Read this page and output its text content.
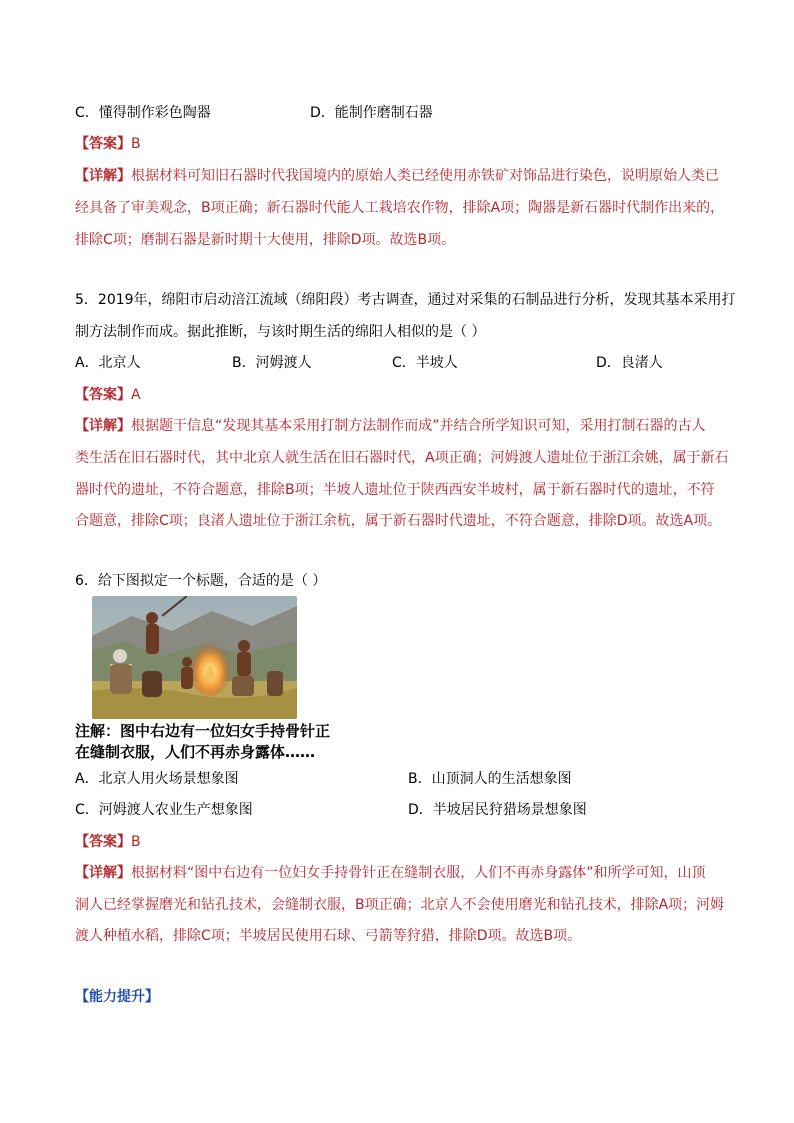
C．懂得制作彩色陶器	D．能制作磨制石器
【答案】B
【详解】根据材料可知旧石器时代我国境内的原始人类已经使用赤铁矿对饰品进行染色，说明原始人类已
经具备了审美观念，B项正确；新石器时代能人工栽培农作物，排除A项；陶器是新石器时代制作出来的，
排除C项；磨制石器是新时期十大使用，排除D项。故选B项。
5．2019年，绵阳市启动涪江流域（绵阳段）考古调查，通过对采集的石制品进行分析，发现其基本采用打
制方法制作而成。据此推断，与该时期生活的绵阳人相似的是（ ）
A．北京人	B．河姆渡人	C．半坡人	D．良渚人
【答案】A
【详解】根据题干信息“发现其基本采用打制方法制作而成”并结合所学知识可知，采用打制石器的古人
类生活在旧石器时代，其中北京人就生活在旧石器时代，A项正确；河姆渡人遗址位于浙江余姚，属于新石
器时代的遗址，不符合题意，排除B项；半坡人遗址位于陕西西安半坡村，属于新石器时代的遗址，不符
合题意，排除C项；良渚人遗址位于浙江余杭，属于新石器时代遗址，不符合题意，排除D项。故选A项。
6．给下图拟定一个标题，合适的是（ ）
注解：图中右边有一位妇女手持骨针正
在缝制衣服，人们不再赤身露体……
A．北京人用火场景想象图	B．山顶洞人的生活想象图
C．河姆渡人农业生产想象图	D．半坡居民狩猎场景想象图
【答案】B
【详解】根据材料“图中右边有一位妇女手持骨针正在缝制衣服，人们不再赤身露体”和所学可知，山顶
洞人已经掌握磨光和钻孔技术，会缝制衣服，B项正确；北京人不会使用磨光和钻孔技术，排除A项；河姆
渡人种植水稻，排除C项；半坡居民使用石球、弓箭等狩猎，排除D项。故选B项。
【能力提升】
